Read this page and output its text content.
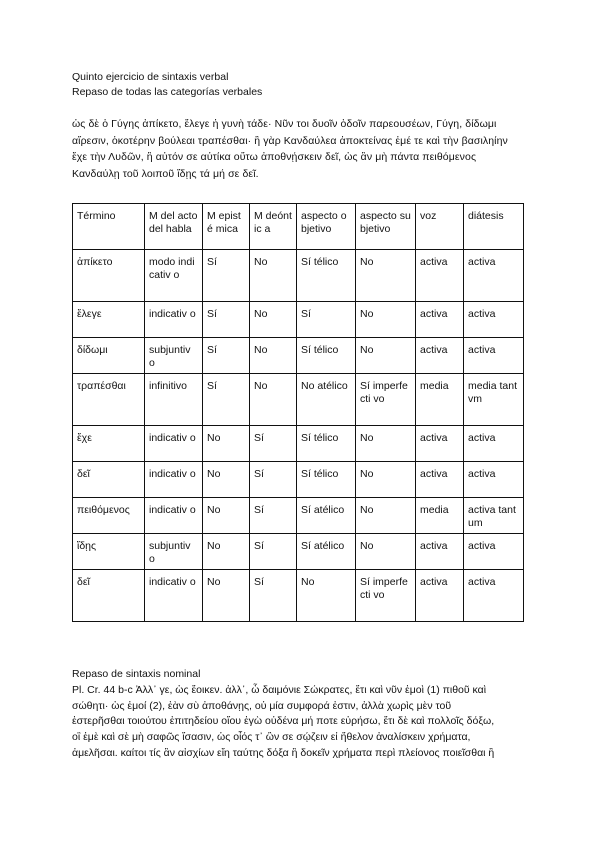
Quinto ejercicio de sintaxis verbal
Repaso de todas las categorías verbales

ὡς δὲ ὁ Γύγης ἀπίκετο, ἔλεγε ἡ γυνὴ τάδε· Νῦν τοι δυοῖν ὁδοῖν παρεουσέων, Γύγη, δίδωμι

αἵρεσιν, ὁκοτέρην βούλεαι τραπέσθαι· ἢ γὰρ Κανδαύλεα ἀποκτείνας ἐμέ τε καὶ τὴν βασιληίην

ἔχε τὴν Λυδῶν, ἢ αὐτόν σε αὐτίκα οὕτω ἀποθνῄσκειν δεῖ, ὡς ἂν μὴ πάντα πειθόμενος

Κανδαύλῃ τοῦ λοιποῦ ἴδῃς τά μή σε δεῖ.

Término	M del acto del habla	M episté mica	M deóntic a	aspecto objetivo	aspecto subjetivo	voz	diátesis
ἀπίκετο	modo indicativ o	Sí	No	Sí télico	No	activa	activa
ἔλεγε	indicativ o	Sí	No	Sí	No	activa	activa
δίδωμι	subjuntiv o	Sí	No	Sí télico	No	activa	activa
τραπέσθαι	infinitivo	Sí	No	No atélico	Sí imperfecti vo	media	media tantvm
ἔχε	indicativ o	No	Sí	Sí télico	No	activa	activa
δεῖ	indicativ o	No	Sí	Sí télico	No	activa	activa
πειθόμενος	indicativ o	No	Sí	Sí atélico	No	media	activa tantum
ἴδῃς	subjuntiv o	No	Sí	Sí atélico	No	activa	activa
δεῖ	indicativ o	No	Sí	No	Sí imperfecti vo	activa	activa

Repaso de sintaxis nominal

Pl. Cr. 44 b-c Ἀλλ᾽ γε, ὡς ἔοικεν. ἀλλ᾽, ὦ δαιμόνιε Σώκρατες, ἔτι καὶ νῦν ἐμοὶ (1) πιθοῦ καὶ

σώθητι· ὡς ἐμοί (2), ἐὰν σὺ ἀποθάνῃς, οὐ μία συμφορά ἐστιν, ἀλλὰ χωρὶς μὲν τοῦ

ἐστερῆσθαι τοιούτου ἐπιτηδείου οἵου ἐγὼ οὐδένα μή ποτε εὑρήσω, ἔτι δὲ καὶ πολλοῖς δόξω,

οἳ ἐμὲ καὶ σὲ μὴ σαφῶς ἴσασιν, ὡς οἷός τ᾽ ὢν σε σῴζειν εἰ ἤθελον ἀναλίσκειν χρήματα,

ἀμελῆσαι. καίτοι τίς ἂν αἰσχίων εἴη ταύτης δόξα ἢ δοκεῖν χρήματα περὶ πλείονος ποιεῖσθαι ἢ
